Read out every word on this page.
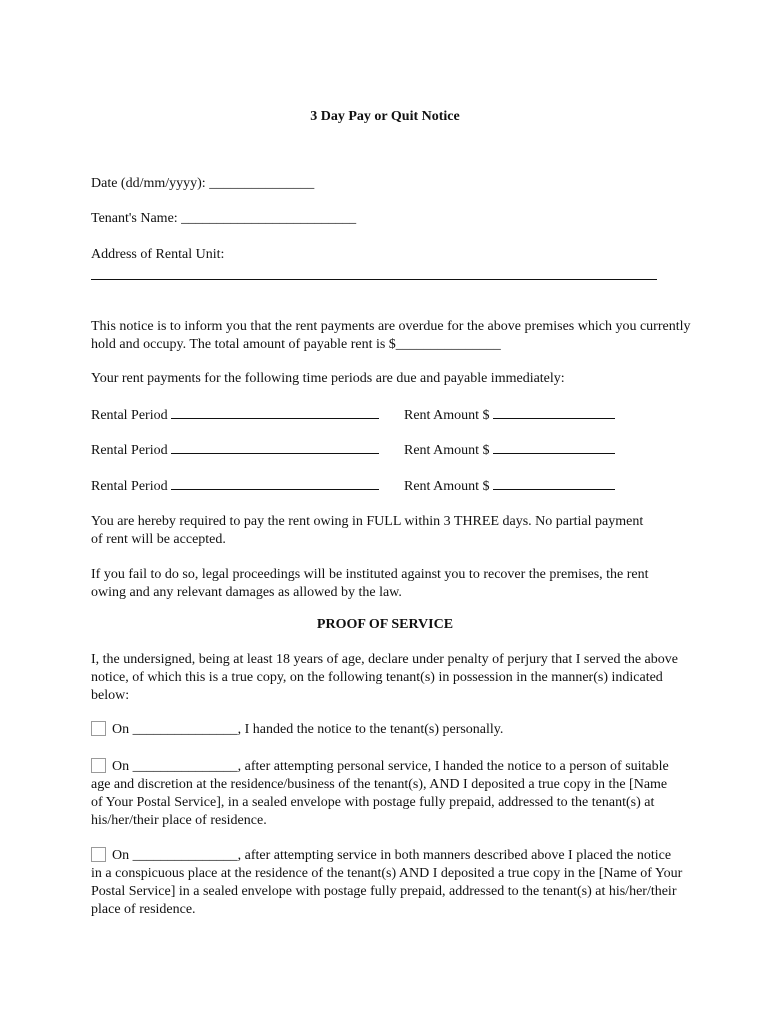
3 Day Pay or Quit Notice
Date (dd/mm/yyyy): _______________
Tenant's Name: _________________________
Address of Rental Unit:
This notice is to inform you that the rent payments are overdue for the above premises which you currently hold and occupy. The total amount of payable rent is $_______________
Your rent payments for the following time periods are due and payable immediately:
Rental Period	Rent Amount $
Rental Period	Rent Amount $
Rental Period	Rent Amount $
You are hereby required to pay the rent owing in FULL within 3 THREE days. No partial payment of rent will be accepted.
If you fail to do so, legal proceedings will be instituted against you to recover the premises, the rent owing and any relevant damages as allowed by the law.
PROOF OF SERVICE
I, the undersigned, being at least 18 years of age, declare under penalty of perjury that I served the above notice, of which this is a true copy, on the following tenant(s) in possession in the manner(s) indicated below:
On _______________, I handed the notice to the tenant(s) personally.
On _______________, after attempting personal service, I handed the notice to a person of suitable age and discretion at the residence/business of the tenant(s), AND I deposited a true copy in the [Name of Your Postal Service], in a sealed envelope with postage fully prepaid, addressed to the tenant(s) at his/her/their place of residence.
On _______________, after attempting service in both manners described above I placed the notice in a conspicuous place at the residence of the tenant(s) AND I deposited a true copy in the [Name of Your Postal Service] in a sealed envelope with postage fully prepaid, addressed to the tenant(s) at his/her/their place of residence.
